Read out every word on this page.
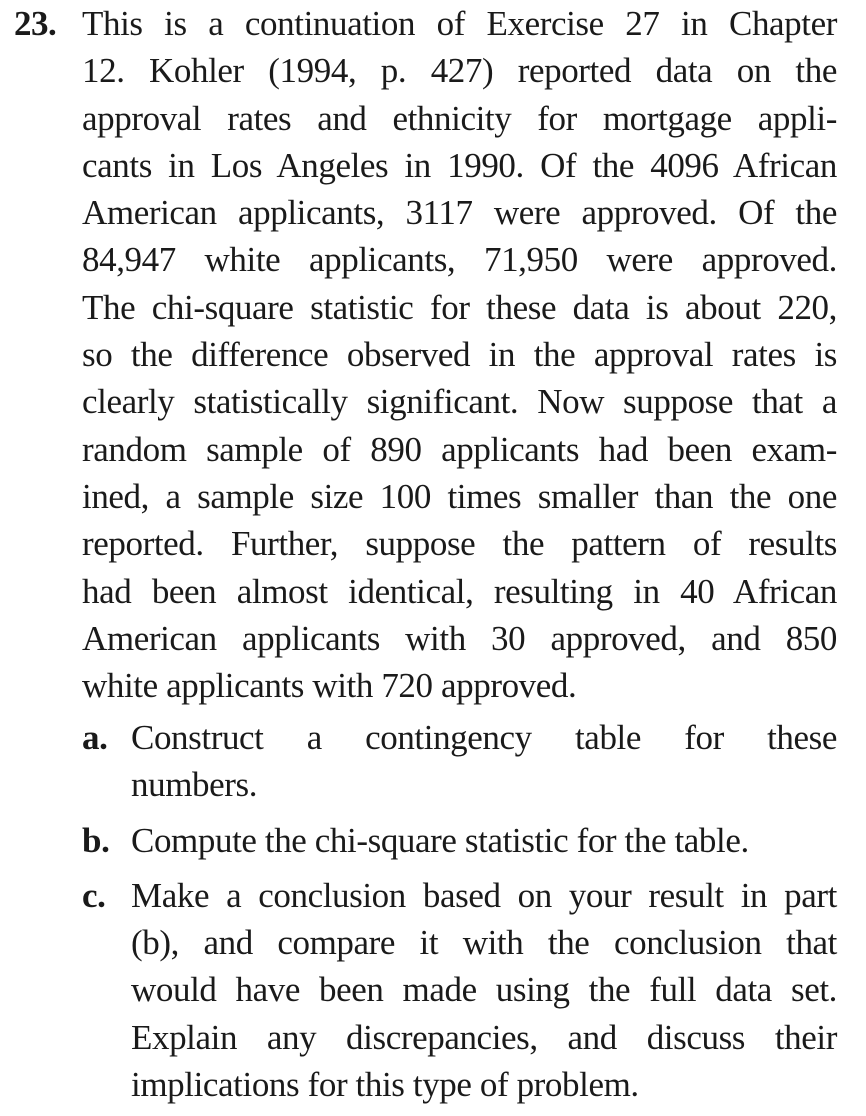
23. This is a continuation of Exercise 27 in Chapter
12. Kohler (1994, p. 427) reported data on the
approval rates and ethnicity for mortgage appli-
cants in Los Angeles in 1990. Of the 4096 African
American applicants, 3117 were approved. Of the
84,947 white applicants, 71,950 were approved.
The chi-square statistic for these data is about 220,
so the difference observed in the approval rates is
clearly statistically significant. Now suppose that a
random sample of 890 applicants had been exam-
ined, a sample size 100 times smaller than the one
reported. Further, suppose the pattern of results
had been almost identical, resulting in 40 African
American applicants with 30 approved, and 850
white applicants with 720 approved.
a. Construct a contingency table for these
numbers.
b. Compute the chi-square statistic for the table.
c. Make a conclusion based on your result in part
(b), and compare it with the conclusion that
would have been made using the full data set.
Explain any discrepancies, and discuss their
implications for this type of problem.
